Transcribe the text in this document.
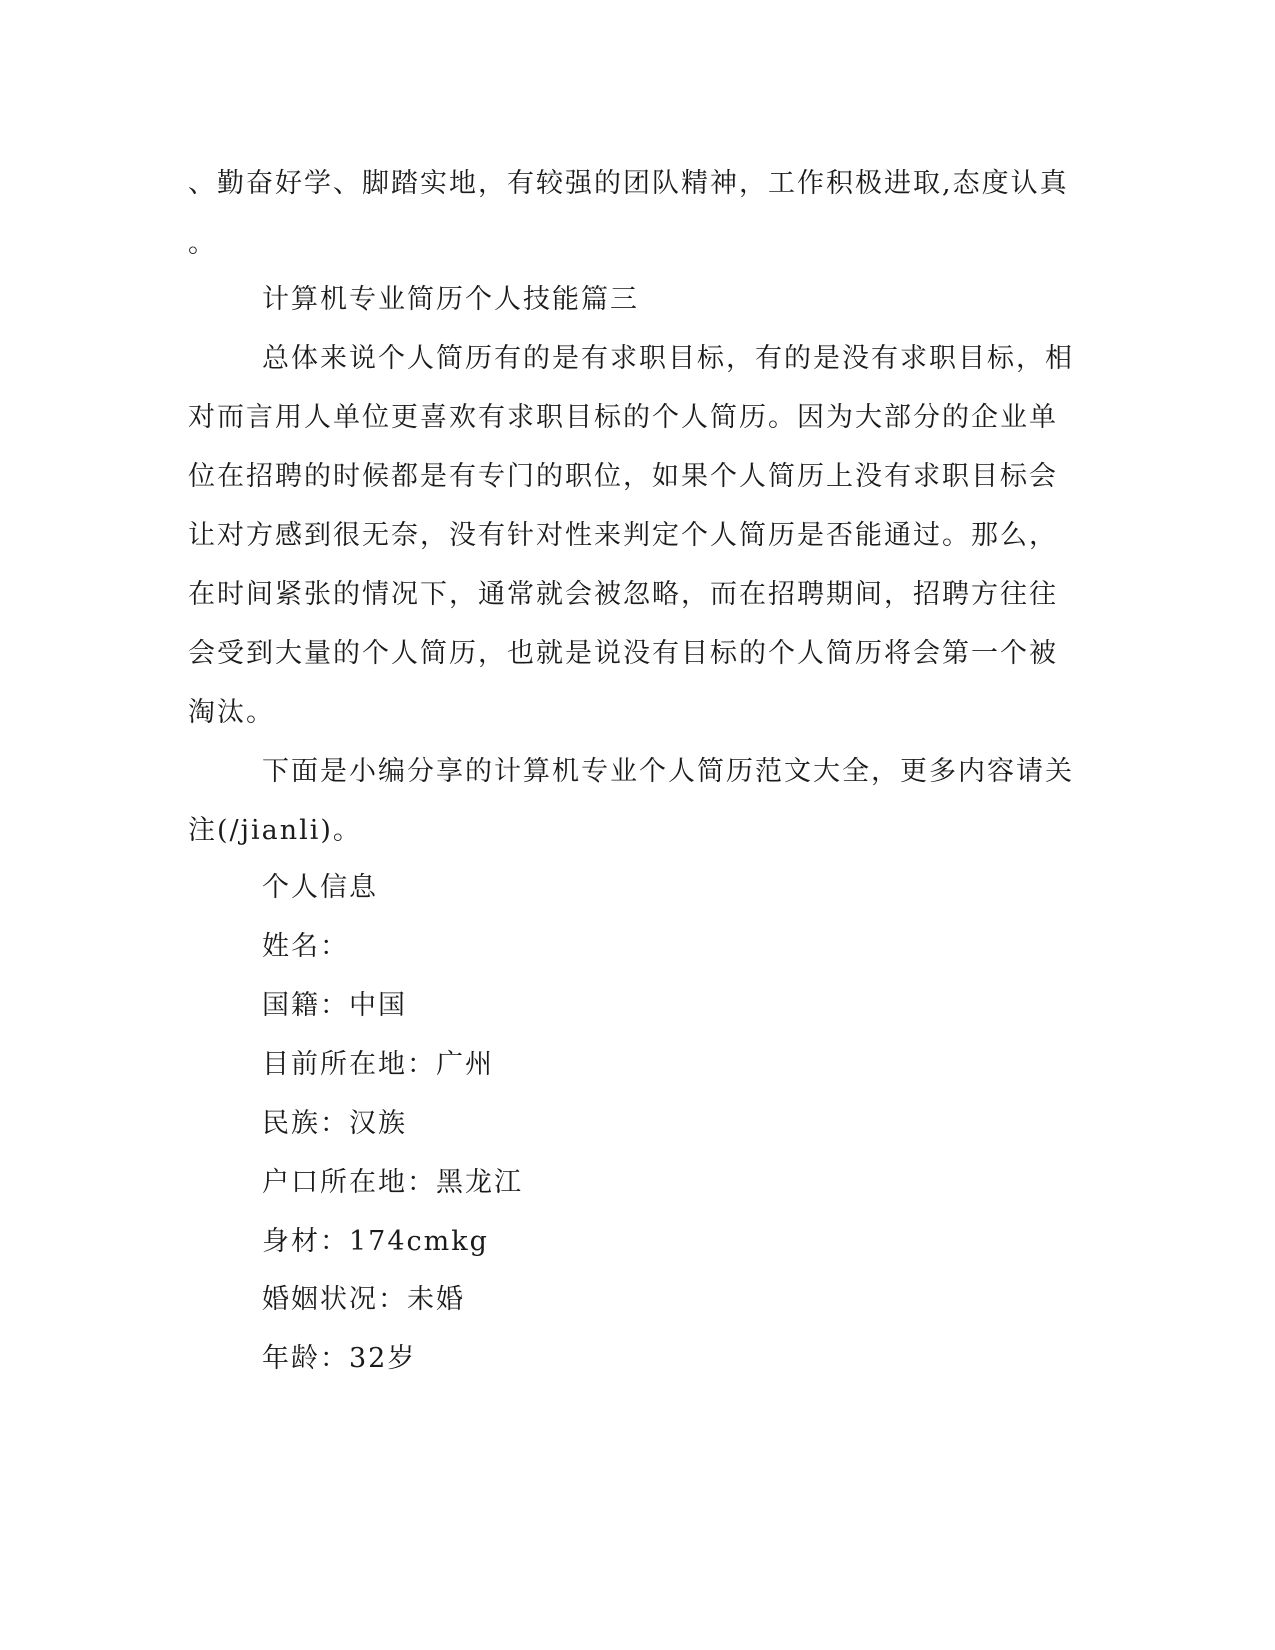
、勤奋好学、脚踏实地，有较强的团队精神，工作积极进取,态度认真
。
计算机专业简历个人技能篇三
总体来说个人简历有的是有求职目标，有的是没有求职目标，相
对而言用人单位更喜欢有求职目标的个人简历。因为大部分的企业单
位在招聘的时候都是有专门的职位，如果个人简历上没有求职目标会
让对方感到很无奈，没有针对性来判定个人简历是否能通过。那么，
在时间紧张的情况下，通常就会被忽略，而在招聘期间，招聘方往往
会受到大量的个人简历，也就是说没有目标的个人简历将会第一个被
淘汰。
下面是小编分享的计算机专业个人简历范文大全，更多内容请关
注(/jianli)。
个人信息
姓名：
国籍：中国
目前所在地：广州
民族：汉族
户口所在地：黑龙江
身材：174cmkg
婚姻状况：未婚
年龄：32岁
